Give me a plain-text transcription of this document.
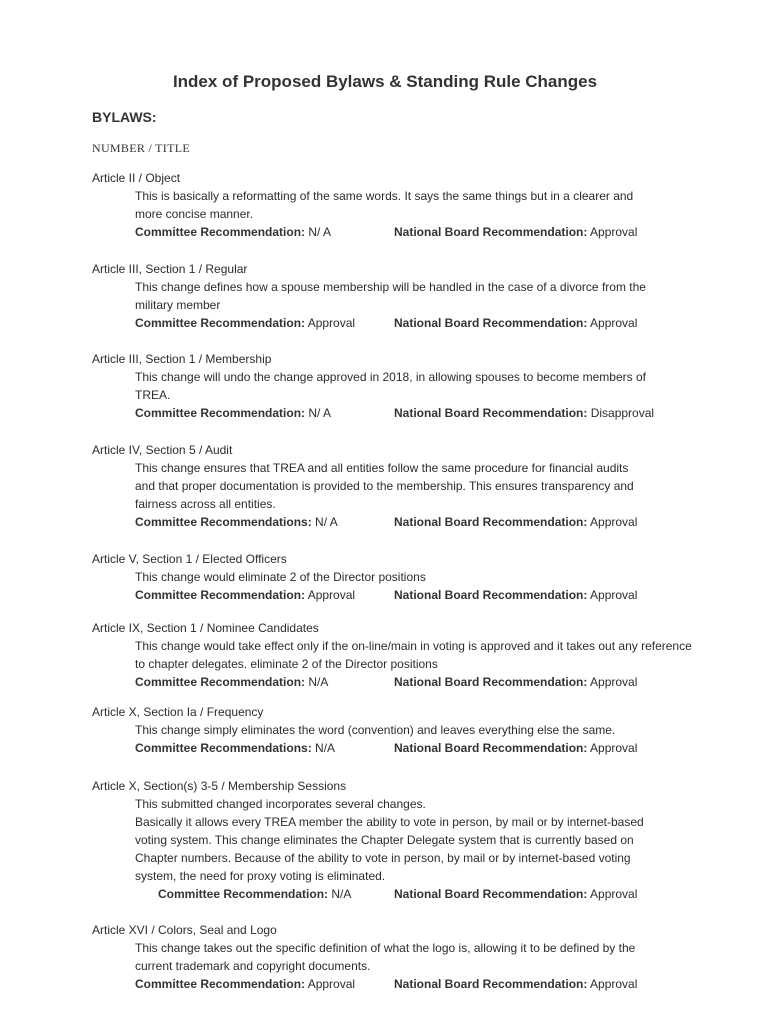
Index of Proposed Bylaws & Standing Rule Changes
BYLAWS:
NUMBER / TITLE
Article II / Object
This is basically a reformatting of the same words. It says the same things but in a clearer and
more concise manner.
Committee Recommendation: N/ A	National Board Recommendation: Approval
Article III, Section 1 / Regular
This change defines how a spouse membership will be handled in the case of a divorce from the
military member
Committee Recommendation: Approval	National Board Recommendation: Approval
Article III, Section 1 / Membership
This change will undo the change approved in 2018, in allowing spouses to become members of
TREA.
Committee Recommendation: N/ A	National Board Recommendation: Disapproval
Article IV, Section 5 / Audit
This change ensures that TREA and all entities follow the same procedure for financial audits
and that proper documentation is provided to the membership. This ensures transparency and
fairness across all entities.
Committee Recommendations: N/ A	National Board Recommendation: Approval
Article V, Section 1 / Elected Officers
This change would eliminate 2 of the Director positions
Committee Recommendation: Approval	National Board Recommendation: Approval
Article IX, Section 1 / Nominee Candidates
This change would take effect only if the on-line/main in voting is approved and it takes out any reference
to chapter delegates. eliminate 2 of the Director positions
Committee Recommendation: N/A	National Board Recommendation: Approval
Article X, Section Ia / Frequency
This change simply eliminates the word (convention) and leaves everything else the same.
Committee Recommendations: N/A	National Board Recommendation: Approval
Article X, Section(s) 3-5 / Membership Sessions
This submitted changed incorporates several changes.
Basically it allows every TREA member the ability to vote in person, by mail or by internet-based
voting system. This change eliminates the Chapter Delegate system that is currently based on
Chapter numbers. Because of the ability to vote in person, by mail or by internet-based voting
system, the need for proxy voting is eliminated.
Committee Recommendation: N/A	National Board Recommendation: Approval
Article XVI / Colors, Seal and Logo
This change takes out the specific definition of what the logo is, allowing it to be defined by the
current trademark and copyright documents.
Committee Recommendation: Approval	National Board Recommendation: Approval
